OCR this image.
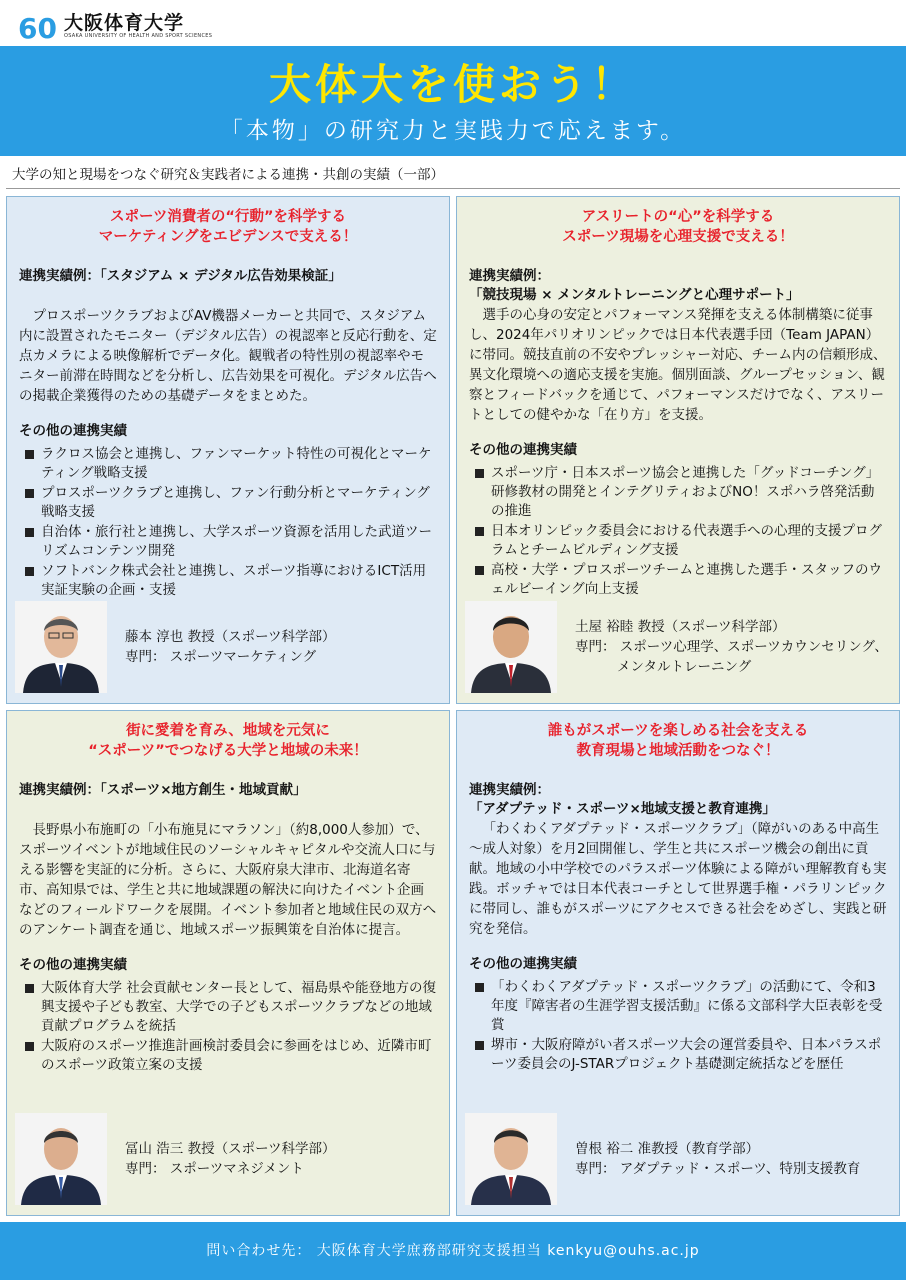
60 大阪体育大学
OSAKA UNIVERSITY OF HEALTH AND SPORT SCIENCES
大体大を使おう！
「本物」の研究力と実践力で応えます。
大学の知と現場をつなぐ研究＆実践者による連携・共創の実績（一部）
スポーツ消費者の“行動”を科学する
マーケティングをエビデンスで支える！
連携実績例：「スタジアム × デジタル広告効果検証」
プロスポーツクラブおよびAV機器メーカーと共同で、スタジアム内に設置されたモニター（デジタル広告）の視認率と反応行動を、定点カメラによる映像解析でデータ化。観戦者の特性別の視認率やモニター前滞在時間などを分析し、広告効果を可視化。デジタル広告への掲載企業獲得のための基礎データをまとめた。
その他の連携実績
ラクロス協会と連携し、ファンマーケット特性の可視化とマーケティング戦略支援
プロスポーツクラブと連携し、ファン行動分析とマーケティング戦略支援
自治体・旅行社と連携し、大学スポーツ資源を活用した武道ツーリズムコンテンツ開発
ソフトバンク株式会社と連携し、スポーツ指導におけるICT活用実証実験の企画・支援
藤本 淳也 教授（スポーツ科学部）
専門： スポーツマーケティング
アスリートの“心”を科学する
スポーツ現場を心理支援で支える！
連携実績例：
「競技現場 × メンタルトレーニングと心理サポート」
選手の心身の安定とパフォーマンス発揮を支える体制構築に従事し、2024年パリオリンピックでは日本代表選手団（Team JAPAN）に帯同。競技直前の不安やプレッシャー対応、チーム内の信頼形成、異文化環境への適応支援を実施。個別面談、グループセッション、観察とフィードバックを通じて、パフォーマンスだけでなく、アスリートとしての健やかな「在り方」を支援。
その他の連携実績
スポーツ庁・日本スポーツ協会と連携した「グッドコーチング」研修教材の開発とインテグリティおよびNO！スポハラ啓発活動の推進
日本オリンピック委員会における代表選手への心理的支援プログラムとチームビルディング支援
高校・大学・プロスポーツチームと連携した選手・スタッフのウェルビーイング向上支援
土屋 裕睦 教授（スポーツ科学部）
専門： スポーツ心理学、スポーツカウンセリング、
メンタルトレーニング
街に愛着を育み、地域を元気に
“スポーツ”でつなげる大学と地域の未来！
連携実績例：「スポーツ×地方創生・地域貢献」
長野県小布施町の「小布施見にマラソン」（約8,000人参加）で、スポーツイベントが地域住民のソーシャルキャピタルや交流人口に与える影響を実証的に分析。さらに、大阪府泉大津市、北海道名寄市、高知県では、学生と共に地域課題の解決に向けたイベント企画などのフィールドワークを展開。イベント参加者と地域住民の双方へのアンケート調査を通じ、地域スポーツ振興策を自治体に提言。
その他の連携実績
大阪体育大学 社会貢献センター長として、福島県や能登地方の復興支援や子ども教室、大学での子どもスポーツクラブなどの地域貢献プログラムを統括
大阪府のスポーツ推進計画検討委員会に参画をはじめ、近隣市町のスポーツ政策立案の支援
冨山 浩三 教授（スポーツ科学部）
専門： スポーツマネジメント
誰もがスポーツを楽しめる社会を支える
教育現場と地域活動をつなぐ！
連携実績例：
「アダプテッド・スポーツ×地域支援と教育連携」
「わくわくアダプテッド・スポーツクラブ」（障がいのある中高生～成人対象）を月2回開催し、学生と共にスポーツ機会の創出に貢献。地域の小中学校でのパラスポーツ体験による障がい理解教育も実践。ボッチャでは日本代表コーチとして世界選手権・パラリンピックに帯同し、誰もがスポーツにアクセスできる社会をめざし、実践と研究を発信。
その他の連携実績
「わくわくアダプテッド・スポーツクラブ」の活動にて、令和3年度『障害者の生涯学習支援活動』に係る文部科学大臣表彰を受賞
堺市・大阪府障がい者スポーツ大会の運営委員や、日本パラスポーツ委員会のJ-STARプロジェクト基礎測定統括などを歴任
曽根 裕二 准教授（教育学部）
専門： アダプテッド・スポーツ、特別支援教育
問い合わせ先： 大阪体育大学庶務部研究支援担当 kenkyu@ouhs.ac.jp
